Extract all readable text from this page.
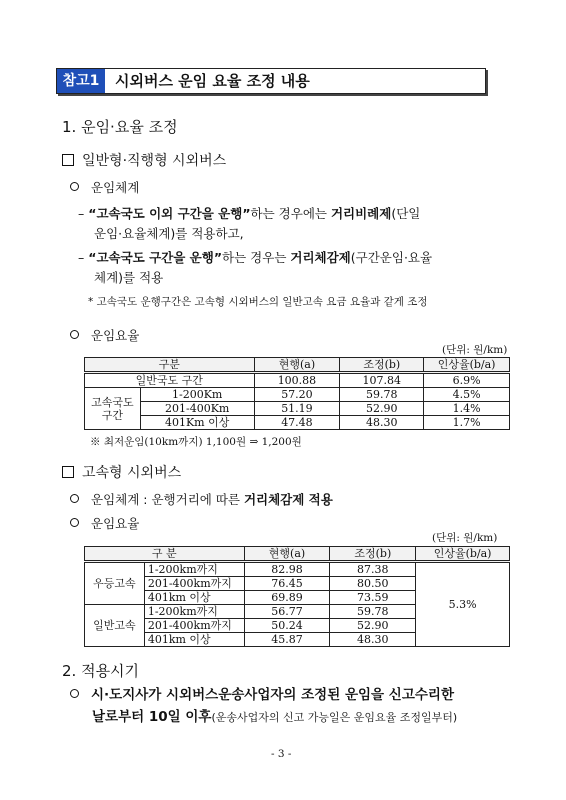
참고1	시외버스 운임 요율 조정 내용
1. 운임·요율 조정
일반형·직행형 시외버스
운임체계
– “고속국도 이외 구간을 운행”하는 경우에는 거리비례제(단일
운임·요율체계)를 적용하고,
– “고속국도 구간을 운행”하는 경우는 거리체감제(구간운임·요율
체계)를 적용
* 고속국도 운행구간은 고속형 시외버스의 일반고속 요금 요율과 같게 조정
운임요율
(단위: 원/km)
구분		현행(a)	조정(b)	인상율(b/a)
일반국도 구간		100.88	107.84	6.9%
고속국도 구간	1-200Km	57.20	59.78	4.5%
	201-400Km	51.19	52.90	1.4%
	401Km 이상	47.48	48.30	1.7%
※ 최저운임(10km까지) 1,100원 ⇒ 1,200원
고속형 시외버스
운임체계 : 운행거리에 따른 거리체감제 적용
운임요율
(단위: 원/km)
구 분		현행(a)	조정(b)	인상율(b/a)
우등고속	1-200km까지	82.98	87.38	5.3%
	201-400km까지	76.45	80.50	
	401km 이상	69.89	73.59	
일반고속	1-200km까지	56.77	59.78	
	201-400km까지	50.24	52.90	
	401km 이상	45.87	48.30	
2. 적용시기
시·도지사가 시외버스운송사업자의 조정된 운임을 신고수리한
날로부터 10일 이후(운송사업자의 신고 가능일은 운임요율 조정일부터)
- 3 -
